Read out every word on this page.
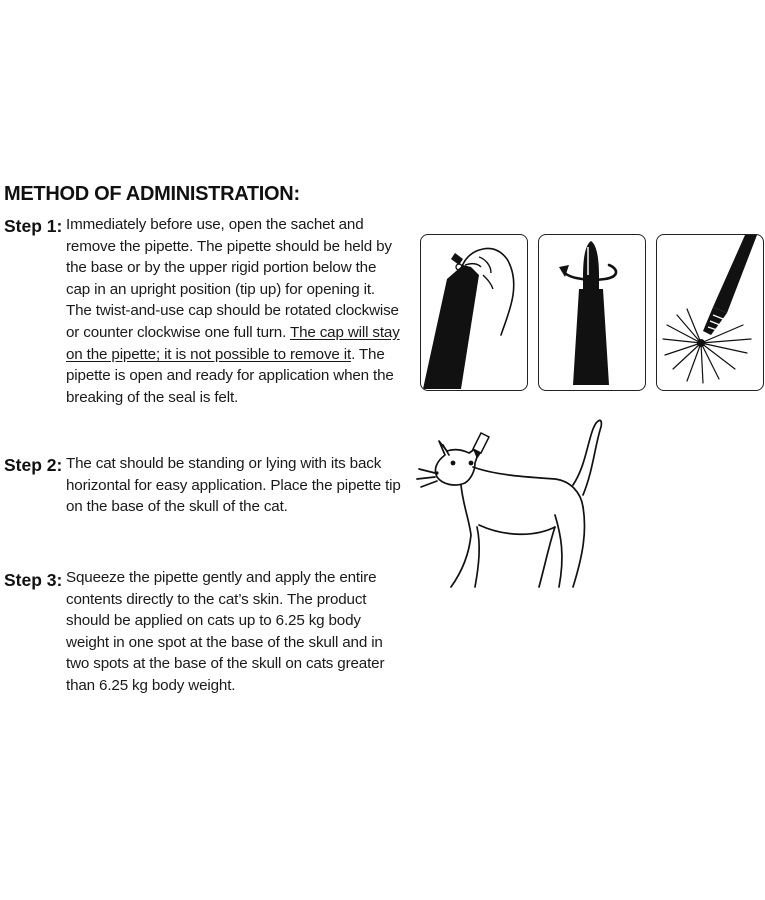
METHOD OF ADMINISTRATION:
Step 1: Immediately before use, open the sachet and remove the pipette. The pipette should be held by the base or by the upper rigid portion below the cap in an upright position (tip up) for opening it. The twist-and-use cap should be rotated clockwise or counter clockwise one full turn. The cap will stay on the pipette; it is not possible to remove it. The pipette is open and ready for application when the breaking of the seal is felt.
Step 2: The cat should be standing or lying with its back horizontal for easy application. Place the pipette tip on the base of the skull of the cat.
Step 3: Squeeze the pipette gently and apply the entire contents directly to the cat’s skin. The product should be applied on cats up to 6.25 kg body weight in one spot at the base of the skull and in two spots at the base of the skull on cats greater than 6.25 kg body weight.
